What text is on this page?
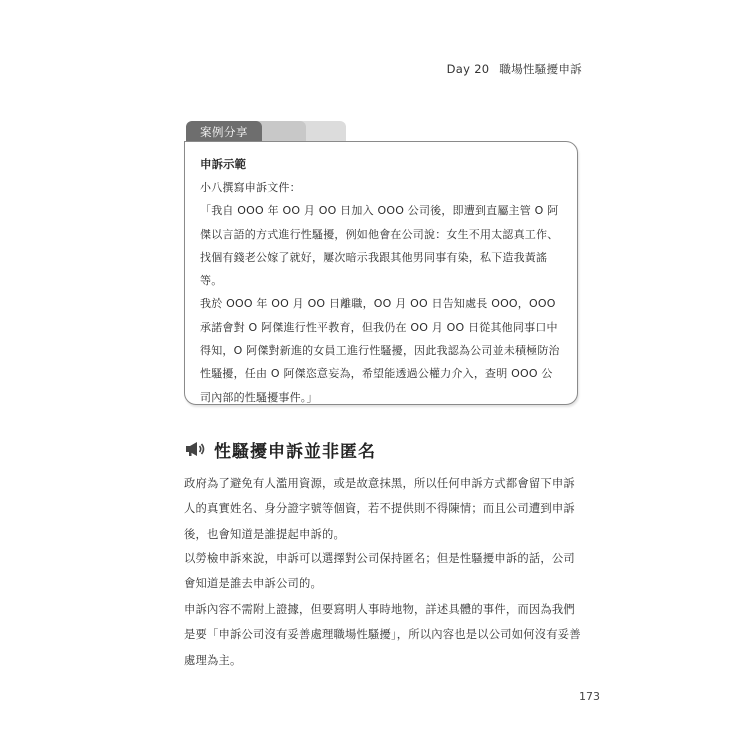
Day 20 職場性騷擾申訴
案例分享
申訴示範

小八撰寫申訴文件：

「我自 OOO 年 OO 月 OO 日加入 OOO 公司後，即遭到直屬主管 O 阿傑以言語的方式進行性騷擾，例如他會在公司說：女生不用太認真工作、找個有錢老公嫁了就好，屢次暗示我跟其他男同事有染，私下造我黃謠等。

我於 OOO 年 OO 月 OO 日離職，OO 月 OO 日告知處長 OOO，OOO 承諾會對 O 阿傑進行性平教育，但我仍在 OO 月 OO 日從其他同事口中得知，O 阿傑對新進的女員工進行性騷擾，因此我認為公司並未積極防治性騷擾，任由 O 阿傑恣意妄為，希望能透過公權力介入，查明 OOO 公司內部的性騷擾事件。」

性騷擾申訴並非匿名

政府為了避免有人濫用資源，或是故意抹黑，所以任何申訴方式都會留下申訴人的真實姓名、身分證字號等個資，若不提供則不得陳情；而且公司遭到申訴後，也會知道是誰提起申訴的。

以勞檢申訴來說，申訴可以選擇對公司保持匿名；但是性騷擾申訴的話，公司會知道是誰去申訴公司的。

申訴內容不需附上證據，但要寫明人事時地物，詳述具體的事件，而因為我們是要「申訴公司沒有妥善處理職場性騷擾」，所以內容也是以公司如何沒有妥善處理為主。

173
